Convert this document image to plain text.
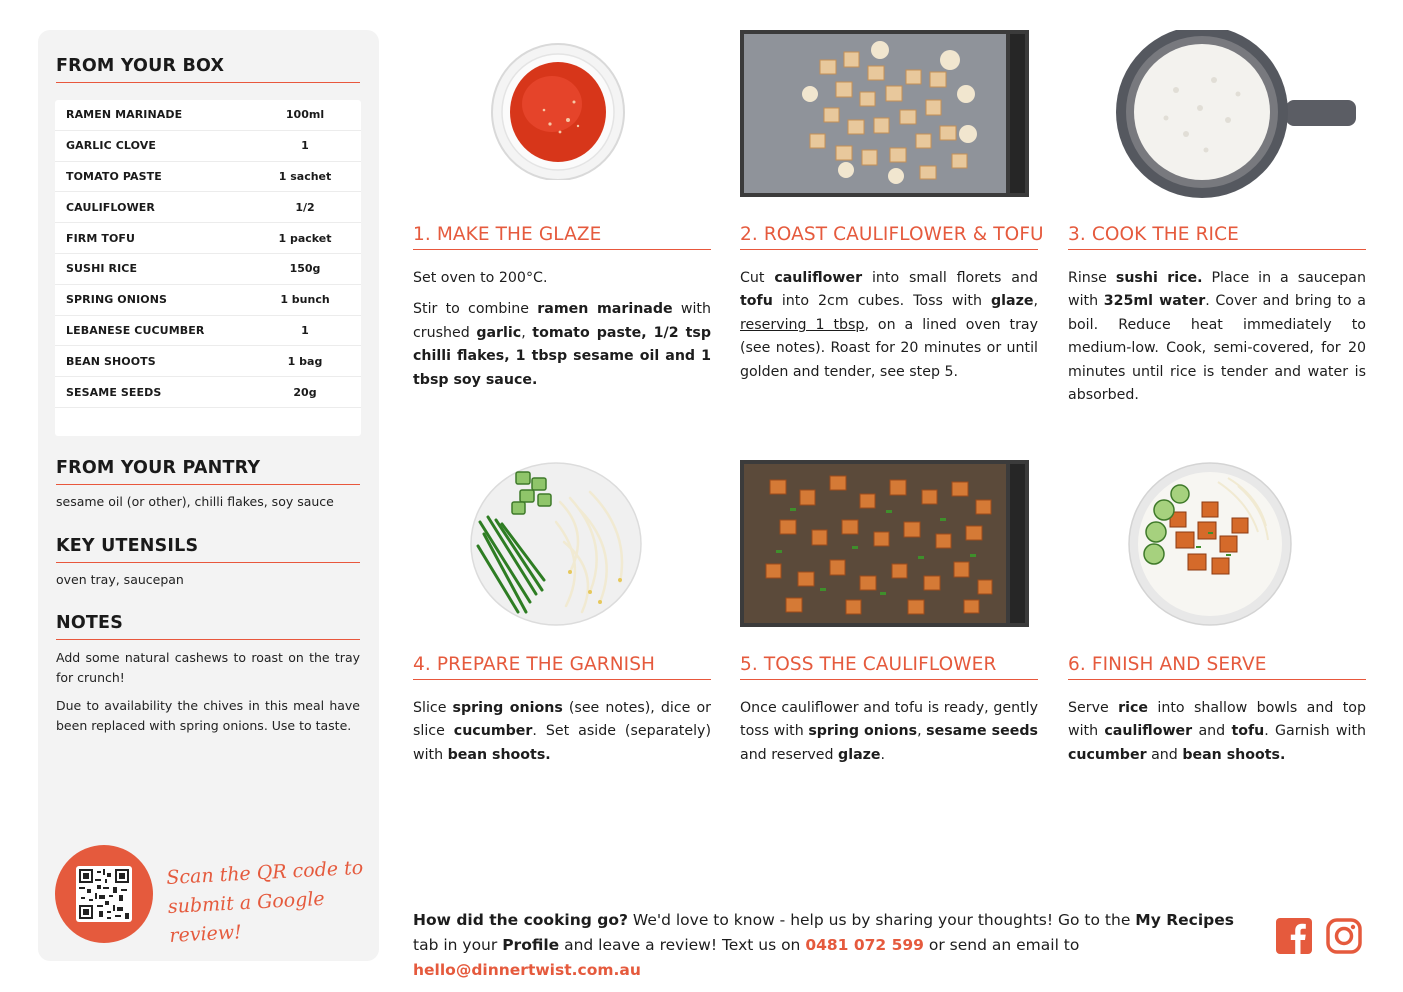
FROM YOUR BOX
RAMEN MARINADE	100ml
GARLIC CLOVE	1
TOMATO PASTE	1 sachet
CAULIFLOWER	1/2
FIRM TOFU	1 packet
SUSHI RICE	150g
SPRING ONIONS	1 bunch
LEBANESE CUCUMBER	1
BEAN SHOOTS	1 bag
SESAME SEEDS	20g
FROM YOUR PANTRY
sesame oil (or other), chilli flakes, soy sauce
KEY UTENSILS
oven tray, saucepan
NOTES
Add some natural cashews to roast on the tray for crunch!
Due to availability the chives in this meal have been replaced with spring onions. Use to taste.
Scan the QR code to
submit a Google review!
1. MAKE THE GLAZE

Set oven to 200°C.

Stir to combine ramen marinade with crushed garlic, tomato paste, 1/2 tsp chilli flakes, 1 tbsp sesame oil and 1 tbsp soy sauce.

2. ROAST CAULIFLOWER & TOFU

Cut cauliflower into small florets and tofu into 2cm cubes. Toss with glaze, reserving 1 tbsp, on a lined oven tray (see notes). Roast for 20 minutes or until golden and tender, see step 5.

3. COOK THE RICE

Rinse sushi rice. Place in a saucepan with 325ml water. Cover and bring to a boil. Reduce heat immediately to medium-low. Cook, semi-covered, for 20 minutes until rice is tender and water is absorbed.

4. PREPARE THE GARNISH

Slice spring onions (see notes), dice or slice cucumber. Set aside (separately) with bean shoots.

5. TOSS THE CAULIFLOWER

Once cauliflower and tofu is ready, gently toss with spring onions, sesame seeds and reserved glaze.

6. FINISH AND SERVE

Serve rice into shallow bowls and top with cauliflower and tofu. Garnish with cucumber and bean shoots.

How did the cooking go? We'd love to know - help us by sharing your thoughts! Go to the My Recipes tab in your Profile and leave a review! Text us on 0481 072 599 or send an email to hello@dinnertwist.com.au
